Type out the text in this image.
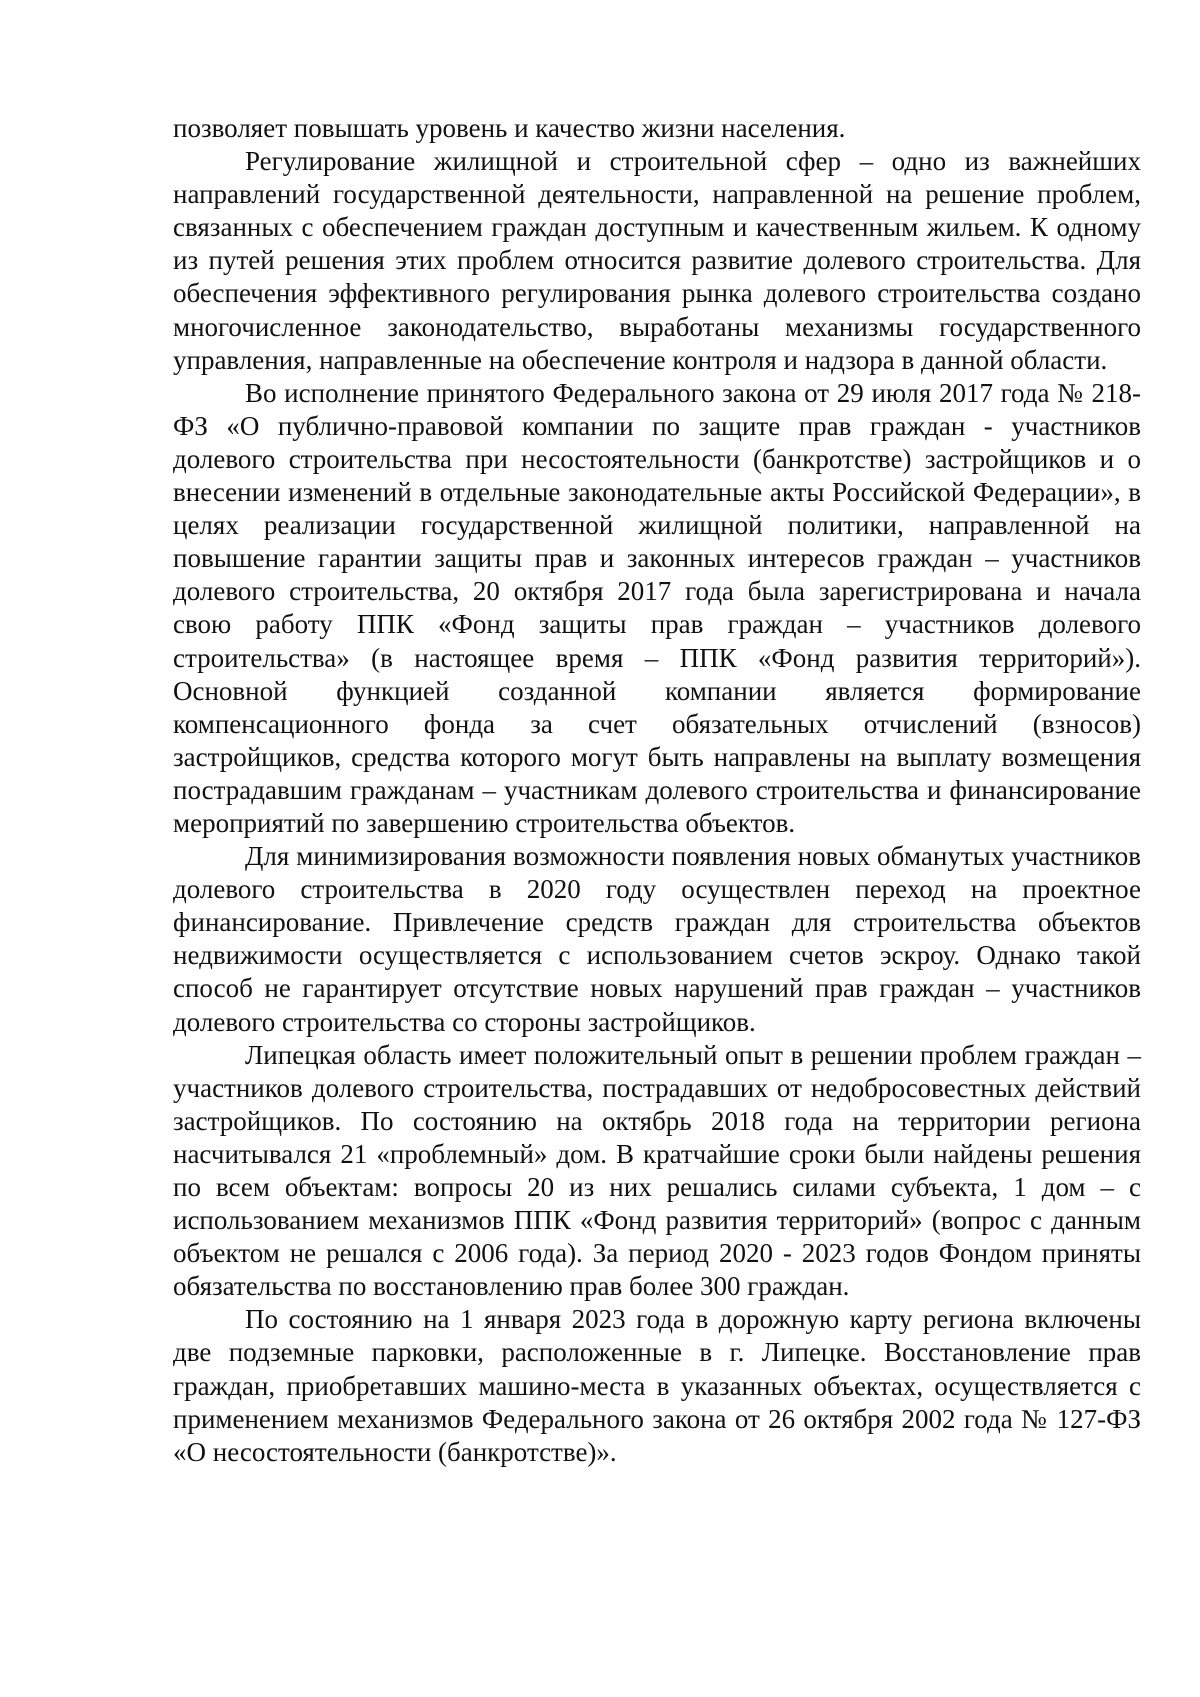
позволяет повышать уровень и качество жизни населения.

Регулирование жилищной и строительной сфер – одно из важнейших направлений государственной деятельности, направленной на решение проблем, связанных с обеспечением граждан доступным и качественным жильем. К одному из путей решения этих проблем относится развитие долевого строительства. Для обеспечения эффективного регулирования рынка долевого строительства создано многочисленное законодательство, выработаны механизмы государственного управления, направленные на обеспечение контроля и надзора в данной области.

Во исполнение принятого Федерального закона от 29 июля 2017 года № 218-ФЗ «О публично-правовой компании по защите прав граждан - участников долевого строительства при несостоятельности (банкротстве) застройщиков и о внесении изменений в отдельные законодательные акты Российской Федерации», в целях реализации государственной жилищной политики, направленной на повышение гарантии защиты прав и законных интересов граждан – участников долевого строительства, 20 октября 2017 года была зарегистрирована и начала свою работу ППК «Фонд защиты прав граждан – участников долевого строительства» (в настоящее время – ППК «Фонд развития территорий»). Основной функцией созданной компании является формирование компенсационного фонда за счет обязательных отчислений (взносов) застройщиков, средства которого могут быть направлены на выплату возмещения пострадавшим гражданам – участникам долевого строительства и финансирование мероприятий по завершению строительства объектов.

Для минимизирования возможности появления новых обманутых участников долевого строительства в 2020 году осуществлен переход на проектное финансирование. Привлечение средств граждан для строительства объектов недвижимости осуществляется с использованием счетов эскроу. Однако такой способ не гарантирует отсутствие новых нарушений прав граждан – участников долевого строительства со стороны застройщиков.

Липецкая область имеет положительный опыт в решении проблем граждан – участников долевого строительства, пострадавших от недобросовестных действий застройщиков. По состоянию на октябрь 2018 года на территории региона насчитывался 21 «проблемный» дом. В кратчайшие сроки были найдены решения по всем объектам: вопросы 20 из них решались силами субъекта, 1 дом – с использованием механизмов ППК «Фонд развития территорий» (вопрос с данным объектом не решался с 2006 года). За период 2020 - 2023 годов Фондом приняты обязательства по восстановлению прав более 300 граждан.

По состоянию на 1 января 2023 года в дорожную карту региона включены две подземные парковки, расположенные в г. Липецке. Восстановление прав граждан, приобретавших машино-места в указанных объектах, осуществляется с применением механизмов Федерального закона от 26 октября 2002 года № 127-ФЗ «О несостоятельности (банкротстве)».
